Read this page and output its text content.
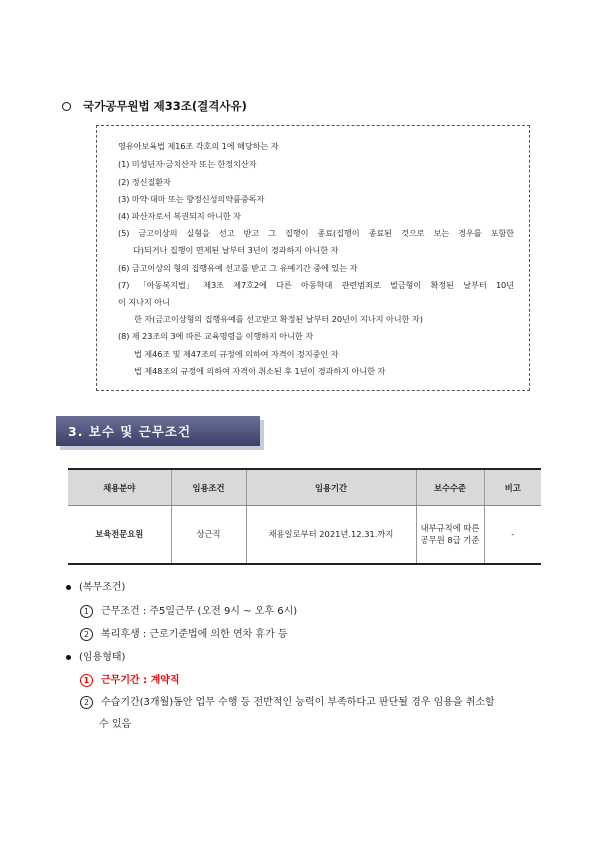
국가공무원법 제33조(결격사유)
영유아보육법 제16조 각호의 1에 해당하는 자
(1) 미성년자·금치산자 또는 한정치산자
(2) 정신질환자
(3) 마약·대마 또는 향정신성의약품중독자
(4) 파산자로서 복권되지 아니한 자
(5) 금고이상의 실형을 선고 받고 그 집행이 종료(집행이 종료된 것으로 보는 경우를 포함한
다)되거나 집행이 면제된 날부터 3년이 경과하지 아니한 자
(6) 금고이상의 형의 집행유예 선고를 받고 그 유예기간 중에 있는 자
(7) 「아동복지법」 제3조 제7호2에 다른 아동학대 관련범죄로 벌금형이 확정된 날부터 10년
이 지나지 아니
한 자(금고이상형의 집행유예를 선고받고 확정된 날부터 20년이 지나지 아니한 자)
(8) 제 23조의 3에 따른 교육명령을 이행하지 아니한 자
법 제46조 및 제47조의 규정에 의하여 자격이 정지중인 자
법 제48조의 규정에 의하여 자격이 취소된 후 1년이 경과하지 아니한 자
3. 보수 및 근무조건
채용분야	임용조건	임용기간	보수수준	비고
보육전문요원	상근직	채용일로부터 2021년.12.31.까지	내부규칙에 따른
공무원 8급 기준	-
(복무조건)
1 근무조건 : 주5일근무 (오전 9시 ~ 오후 6시)
2 복리후생 : 근로기준법에 의한 연차 휴가 등
(임용형태)
1 근무기간 : 계약직
2 수습기간(3개월)동안 업무 수행 등 전반적인 능력이 부족하다고 판단될 경우 임용을 취소할
수 있음
